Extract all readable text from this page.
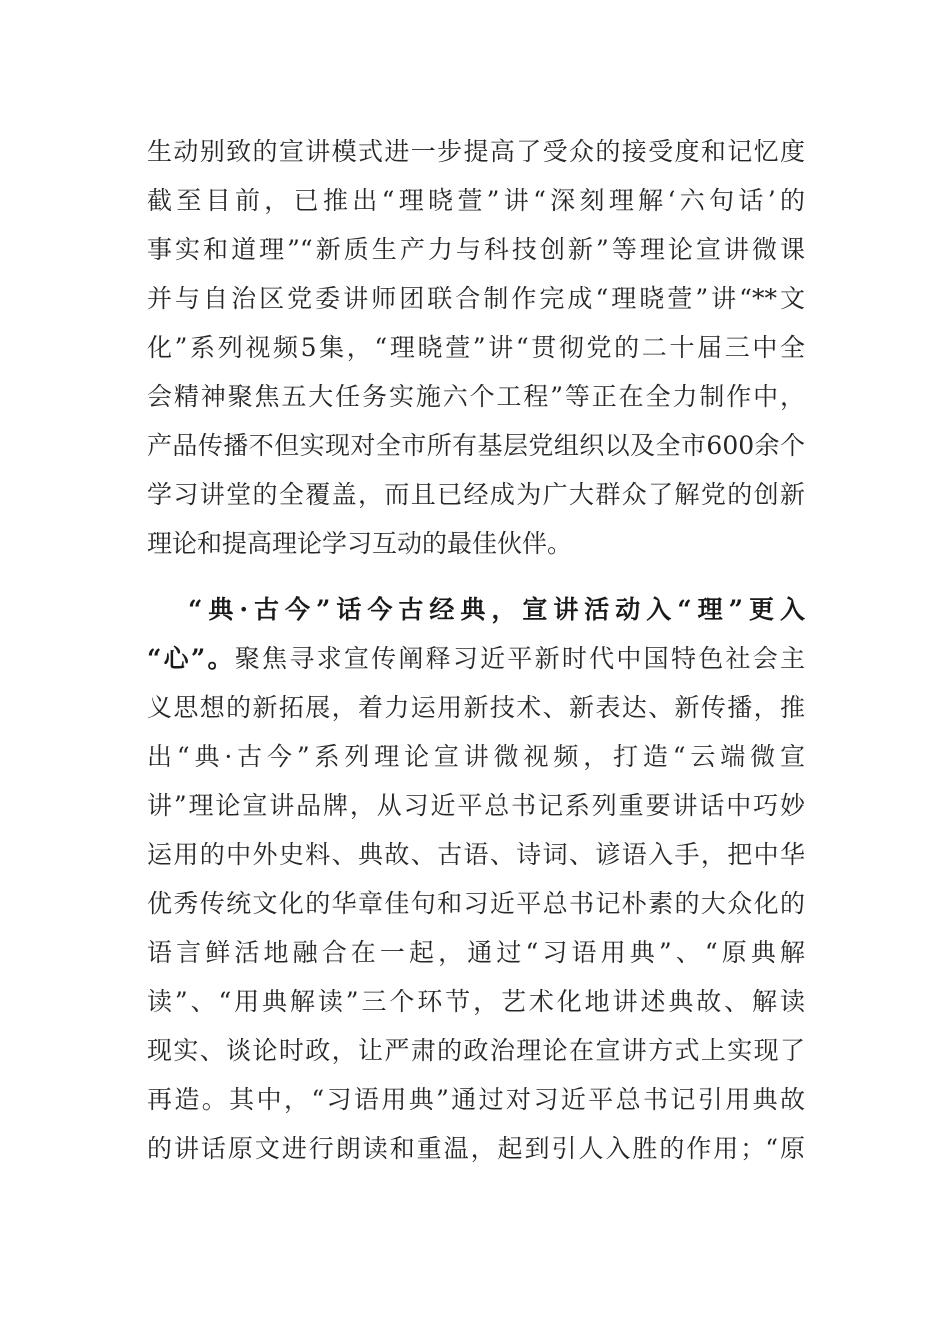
生动别致的宣讲模式进一步提高了受众的接受度和记忆度

截至目前，已推出“理晓萱”讲“深刻理解‘六句话’的

事实和道理”“新质生产力与科技创新”等理论宣讲微课

并与自治区党委讲师团联合制作完成“理晓萱”讲“**文

化”系列视频5集，“理晓萱”讲“贯彻党的二十届三中全

会精神聚焦五大任务实施六个工程”等正在全力制作中，

产品传播不但实现对全市所有基层党组织以及全市600余个

学习讲堂的全覆盖，而且已经成为广大群众了解党的创新

理论和提高理论学习互动的最佳伙伴。

“典·古今”话今古经典，宣讲活动入“理”更入

“心”。聚焦寻求宣传阐释习近平新时代中国特色社会主

义思想的新拓展，着力运用新技术、新表达、新传播，推

出“典·古今”系列理论宣讲微视频，打造“云端微宣

讲”理论宣讲品牌，从习近平总书记系列重要讲话中巧妙

运用的中外史料、典故、古语、诗词、谚语入手，把中华

优秀传统文化的华章佳句和习近平总书记朴素的大众化的

语言鲜活地融合在一起，通过“习语用典”、“原典解

读”、“用典解读”三个环节，艺术化地讲述典故、解读

现实、谈论时政，让严肃的政治理论在宣讲方式上实现了

再造。其中，“习语用典”通过对习近平总书记引用典故

的讲话原文进行朗读和重温，起到引人入胜的作用；“原
